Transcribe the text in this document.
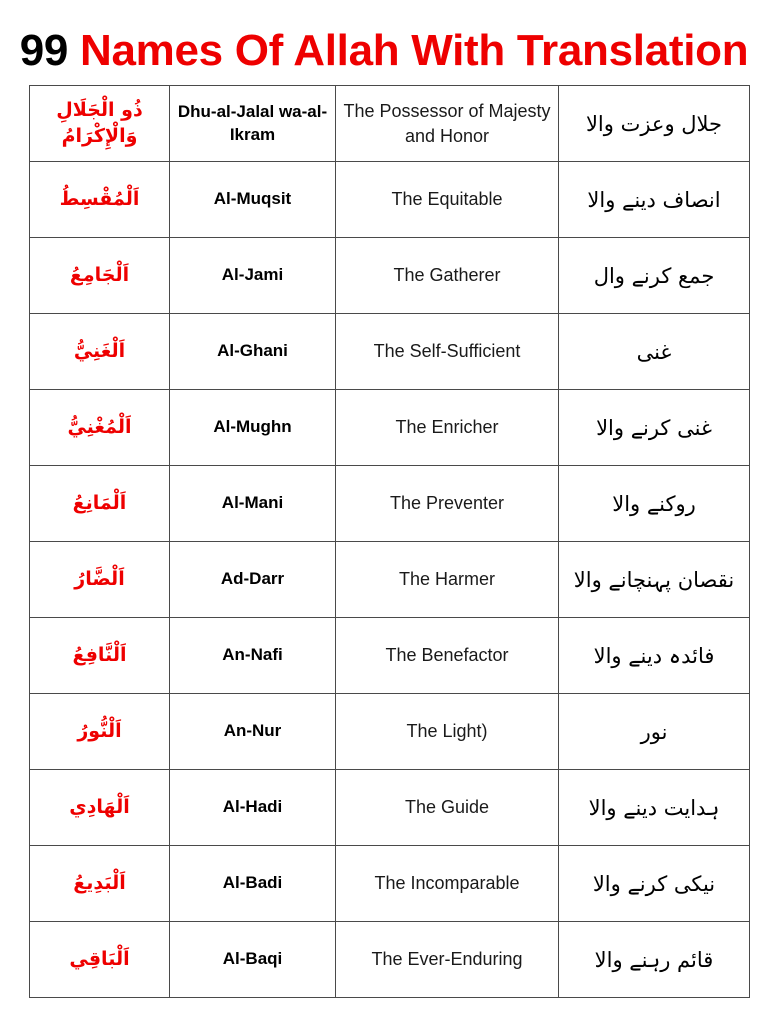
99 Names Of Allah With Translation
ذُو الْجَلَالِ وَالْإِكْرَامُ	Dhu-al-Jalal wa-al-Ikram	The Possessor of Majesty and Honor	جلال وعزت والا
اَلْمُقْسِطُ	Al-Muqsit	The Equitable	انصاف دینے والا
اَلْجَامِعُ	Al-Jami	The Gatherer	جمع کرنے وال
اَلْغَنِيُّ	Al-Ghani	The Self-Sufficient	غنی
اَلْمُغْنِيُّ	Al-Mughn	The Enricher	غنی کرنے والا
اَلْمَانِعُ	Al-Mani	The Preventer	روکنے والا
اَلْضَّارُ	Ad-Darr	The Harmer	نقصان پہنچانے والا
اَلْنَّافِعُ	An-Nafi	The Benefactor	فائدہ دینے والا
اَلْنُّورُ	An-Nur	The Light)	نور
اَلْهَادِي	Al-Hadi	The Guide	ہدایت دینے والا
اَلْبَدِيعُ	Al-Badi	The Incomparable	نیکی کرنے والا
اَلْبَاقِي	Al-Baqi	The Ever-Enduring	قائم رہنے والا
